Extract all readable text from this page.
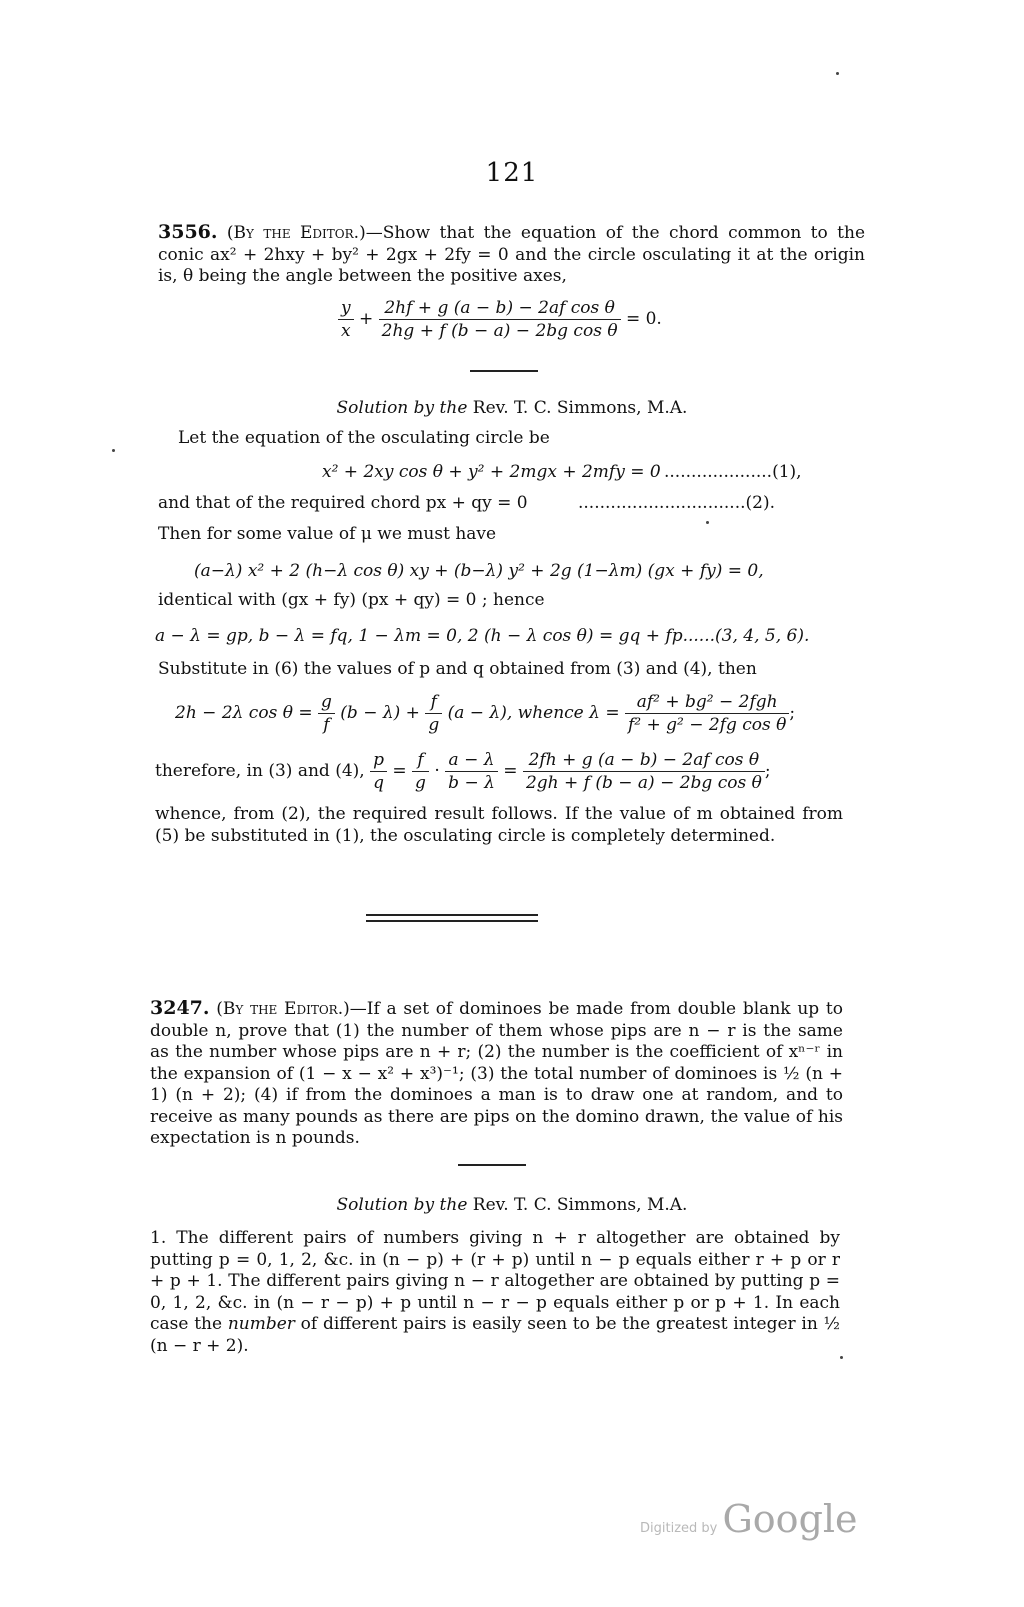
121
3556. (By the Editor.)—Show that the equation of the chord common to the conic ax² + 2hxy + by² + 2gx + 2fy = 0 and the circle osculating it at the origin is, θ being the angle between the positive axes,
$\frac{y}{x} + \frac{\text{2hf + g (a − b) − 2af cos θ}}{\text{2hg + f (b − a) − 2bg cos θ}} = 0$.
Solution by the Rev. T. C. Simmons, M.A.
Let the equation of the osculating circle be
x² + 2xy cos θ + y² + 2mgx + 2mfy = 0 ....................(1),
and that of the required chord px + qy = 0	...............................(2).
Then for some value of μ we must have
(a−λ) x² + 2 (h−λ cos θ) xy + (b−λ) y² + 2g (1−λm) (gx + fy) = 0,
identical with (gx + fy) (px + qy) = 0 ; hence
a − λ = gp, b − λ = fq, 1 − λm = 0, 2 (h − λ cos θ) = gq + fp......(3, 4, 5, 6).
Substitute in (6) the values of p and q obtained from (3) and (4), then
2h − 2λ $\cos \theta = \frac{g}{f} (b - \lambda) + \frac{f}{g} (a - \lambda)$, whence $\lambda = \frac{\text{af² + bg² − 2fgh}}{\text{f² + g² − 2fg cos θ}}$ ;
therefore, in (3) and (4), $\frac{p}{q} = \frac{f}{g} \cdot \frac{a - \lambda}{b - \lambda} = \frac{\text{2fh + g (a − b) − 2af cos θ}}{\text{2gh + f (b − a) − 2bg cos θ}}$ ;
whence, from (2), the required result follows. If the value of m obtained from (5) be substituted in (1), the osculating circle is completely determined.
3247. (By the Editor.)—If a set of dominoes be made from double blank up to double n, prove that (1) the number of them whose pips are n − r is the same as the number whose pips are n + r; (2) the number is the coefficient of xⁿ⁻ʳ in the expansion of (1 − x − x² + x³)⁻¹; (3) the total number of dominoes is ½ (n + 1) (n + 2); (4) if from the dominoes a man is to draw one at random, and to receive as many pounds as there are pips on the domino drawn, the value of his expectation is n pounds.
Solution by the Rev. T. C. Simmons, M.A.
1. The different pairs of numbers giving n + r altogether are obtained by putting p = 0, 1, 2, &c. in (n − p) + (r + p) until n − p equals either r + p or r + p + 1. The different pairs giving n − r altogether are obtained by putting p = 0, 1, 2, &c. in (n − r − p) + p until n − r − p equals either p or p + 1. In each case the number of different pairs is easily seen to be the greatest integer in ½ (n − r + 2).
Digitized by Google
